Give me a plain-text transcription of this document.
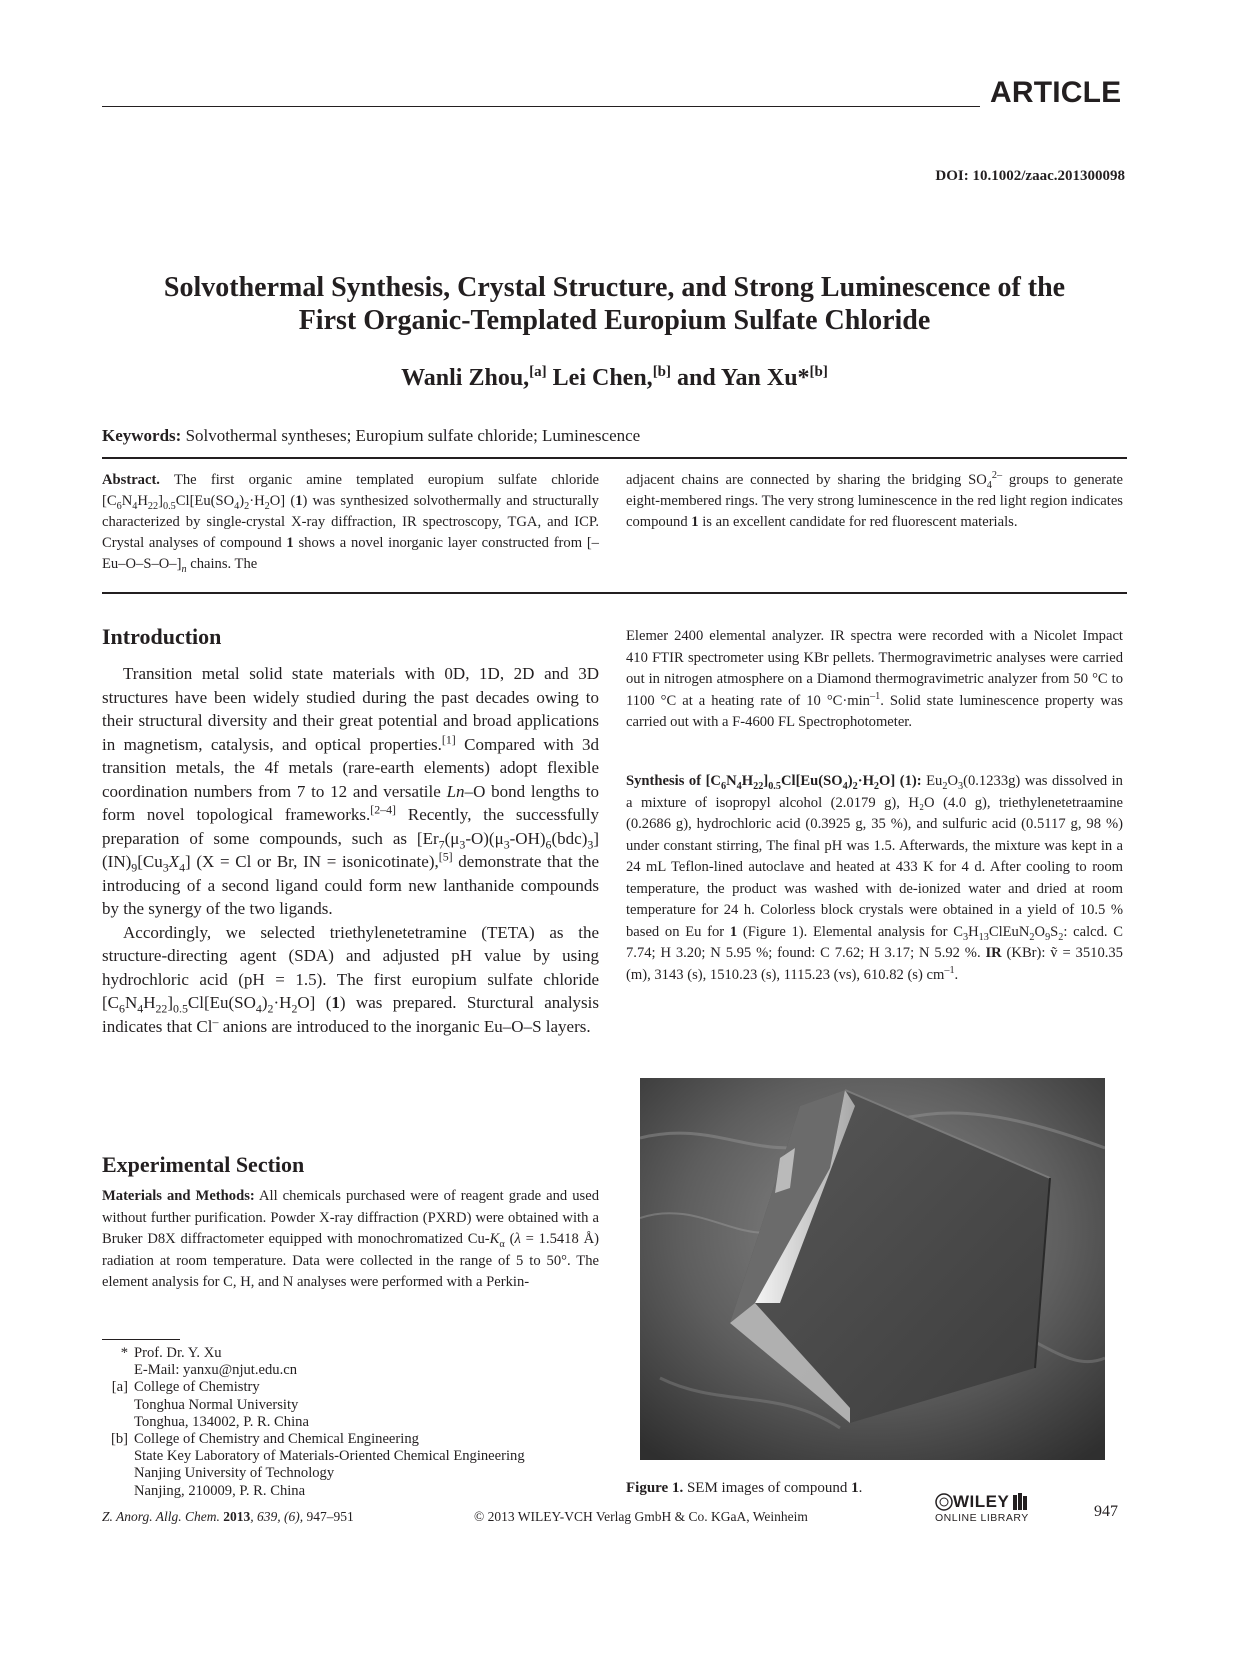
ARTICLE
DOI: 10.1002/zaac.201300098
Solvothermal Synthesis, Crystal Structure, and Strong Luminescence of the
First Organic-Templated Europium Sulfate Chloride
Wanli Zhou,[a] Lei Chen,[b] and Yan Xu*[b]
Keywords: Solvothermal syntheses; Europium sulfate chloride; Luminescence
Abstract. The first organic amine templated europium sulfate chloride $[C_6N_4H_{22}]_{0.5}Cl[Eu(SO_4)_2\cdot H_2O]$ (1) was synthesized solvothermally and structurally characterized by single-crystal X-ray diffraction, IR spectroscopy, TGA, and ICP. Crystal analyses of compound 1 shows a novel inorganic layer constructed from $[-Eu-O-S-O-]_n$ chains. The
adjacent chains are connected by sharing the bridging $SO_4^{2-}$ groups to generate eight-membered rings. The very strong luminescence in the red light region indicates compound 1 is an excellent candidate for red fluorescent materials.
Introduction

Transition metal solid state materials with 0D, 1D, 2D and 3D structures have been widely studied during the past decades owing to their structural diversity and their great potential and broad applications in magnetism, catalysis, and optical properties.[1] Compared with 3d transition metals, the 4f metals (rare-earth elements) adopt flexible coordination numbers from 7 to 12 and versatile Ln–O bond lengths to form novel topological frameworks.[2–4] Recently, the successfully preparation of some compounds, such as $[Er_7(\mu_3-O)(\mu_3-OH)_6(bdc)_3](IN)_9[Cu_3X_4] (X = Cl$ or Br, IN = isonicotinate),[5] demonstrate that the introducing of a second ligand could form new lanthanide compounds by the synergy of the two ligands.

Accordingly, we selected triethylenetetramine (TETA) as the structure-directing agent (SDA) and adjusted pH value by using hydrochloric acid (pH = 1.5). The first europium sulfate chloride $[C_6N_4H_{22}]_{0.5}Cl[Eu(SO_4)_2\cdot H_2O]$ (1) was prepared. Sturctural analysis indicates that Cl– anions are introduced to the inorganic Eu–O–S layers.

Experimental Section

Materials and Methods: All chemicals purchased were of reagent grade and used without further purification. Powder X-ray diffraction (PXRD) were obtained with a Bruker D8X diffractometer equipped with monochromatized $Cu-K_\alpha$ (λ = 1.5418 Å) radiation at room temperature. Data were collected in the range of 5 to 50°. The element analysis for C, H, and N analyses were performed with a Perkin-

Elemer 2400 elemental analyzer. IR spectra were recorded with a Nicolet Impact 410 FTIR spectrometer using KBr pellets. Thermogravimetric analyses were carried out in nitrogen atmosphere on a Diamond thermogravimetric analyzer from 50 °C to 1100 °C at a heating rate of 10 $^\circ C\cdot\min^{-1}$. Solid state luminescence property was carried out with a F-4600 FL Spectrophotometer.

Synthesis of $[C_6N_4H_{22}]_{0.5}Cl[Eu(SO_4)_2\cdot H_2O]$ (1): $Eu_2O_3(0.1233g)$ was dissolved in a mixture of isopropyl alcohol (2.0179 g), H₂O (4.0 g), triethylenetetraamine (0.2686 g), hydrochloric acid (0.3925 g, 35 %), and sulfuric acid (0.5117 g, 98 %) under constant stirring, The final pH was 1.5. Afterwards, the mixture was kept in a 24 mL Teflon-lined autoclave and heated at 433 K for 4 d. After cooling to room temperature, the product was washed with de-ionized water and dried at room temperature for 24 h. Colorless block crystals were obtained in a yield of 10.5 % based on Eu for 1 (Figure 1). Elemental analysis for $C_3H_{13}ClEuN_2O_9S_2$: calcd. C 7.74; H 3.20; N 5.95 %; found: C 7.62; H 3.17; N 5.92 %. IR (KBr): ṽ = 3510.35 (m), 3143 (s), 1510.23 (s), 1115.23 (vs), 610.82 (s) $cm^{-1}$.

* Prof. Dr. Y. Xu
E-Mail: yanxu@njut.edu.cn
[a] College of Chemistry
Tonghua Normal University
Tonghua, 134002, P. R. China
[b] College of Chemistry and Chemical Engineering
State Key Laboratory of Materials-Oriented Chemical Engineering
Nanjing University of Technology
Nanjing, 210009, P. R. China	Figure 1. SEM images of compound 1.
Z. Anorg. Allg. Chem. 2013, 639, (6), 947–951	© 2013 WILEY-VCH Verlag GmbH & Co. KGaA, Weinheim
WILEY
ONLINE LIBRARY	947
